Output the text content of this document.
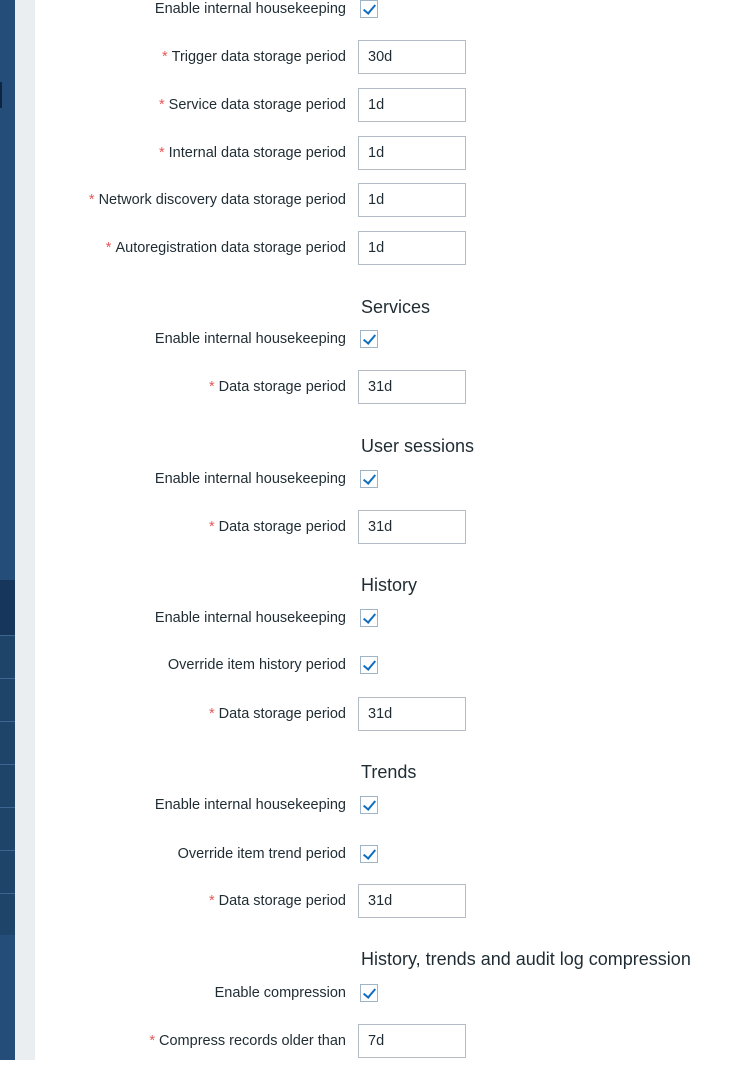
Enable internal housekeeping
* Trigger data storage period	30d
* Service data storage period	1d
* Internal data storage period	1d
* Network discovery data storage period	1d
* Autoregistration data storage period	1d
Services
Enable internal housekeeping
* Data storage period	31d
User sessions
Enable internal housekeeping
* Data storage period	31d
History
Enable internal housekeeping
Override item history period
* Data storage period	31d
Trends
Enable internal housekeeping
Override item trend period
* Data storage period	31d
History, trends and audit log compression
Enable compression
* Compress records older than	7d
